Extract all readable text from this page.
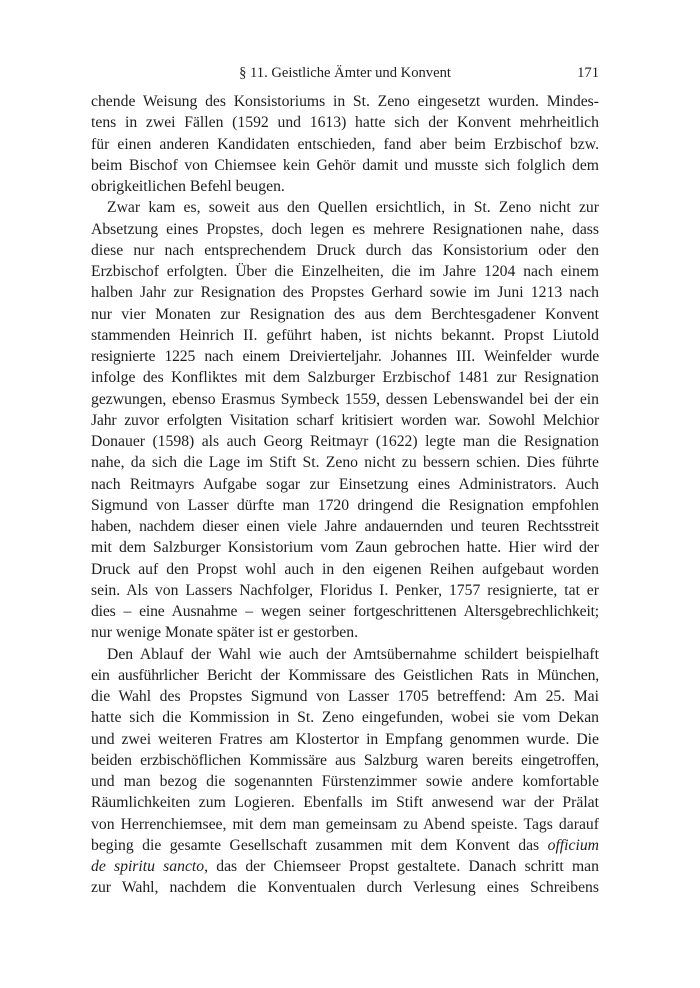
§ 11. Geistliche Ämter und Konvent	171

chende Weisung des Konsistoriums in St. Zeno eingesetzt wurden. Mindes-
tens in zwei Fällen (1592 und 1613) hatte sich der Konvent mehrheitlich
für einen anderen Kandidaten entschieden, fand aber beim Erzbischof bzw.
beim Bischof von Chiemsee kein Gehör damit und musste sich folglich dem
obrigkeitlichen Befehl beugen.

Zwar kam es, soweit aus den Quellen ersichtlich, in St. Zeno nicht zur
Absetzung eines Propstes, doch legen es mehrere Resignationen nahe, dass
diese nur nach entsprechendem Druck durch das Konsistorium oder den
Erzbischof erfolgten. Über die Einzelheiten, die im Jahre 1204 nach einem
halben Jahr zur Resignation des Propstes Gerhard sowie im Juni 1213 nach
nur vier Monaten zur Resignation des aus dem Berchtesgadener Konvent
stammenden Heinrich II. geführt haben, ist nichts bekannt. Propst Liutold
resignierte 1225 nach einem Dreivierteljahr. Johannes III. Weinfelder wurde
infolge des Konfliktes mit dem Salzburger Erzbischof 1481 zur Resignation
gezwungen, ebenso Erasmus Symbeck 1559, dessen Lebenswandel bei der ein
Jahr zuvor erfolgten Visitation scharf kritisiert worden war. Sowohl Melchior
Donauer (1598) als auch Georg Reitmayr (1622) legte man die Resignation
nahe, da sich die Lage im Stift St. Zeno nicht zu bessern schien. Dies führte
nach Reitmayrs Aufgabe sogar zur Einsetzung eines Administrators. Auch
Sigmund von Lasser dürfte man 1720 dringend die Resignation empfohlen
haben, nachdem dieser einen viele Jahre andauernden und teuren Rechtsstreit
mit dem Salzburger Konsistorium vom Zaun gebrochen hatte. Hier wird der
Druck auf den Propst wohl auch in den eigenen Reihen aufgebaut worden
sein. Als von Lassers Nachfolger, Floridus I. Penker, 1757 resignierte, tat er
dies – eine Ausnahme – wegen seiner fortgeschrittenen Altersgebrechlichkeit;
nur wenige Monate später ist er gestorben.

Den Ablauf der Wahl wie auch der Amtsübernahme schildert beispielhaft
ein ausführlicher Bericht der Kommissare des Geistlichen Rats in München,
die Wahl des Propstes Sigmund von Lasser 1705 betreffend: Am 25. Mai
hatte sich die Kommission in St. Zeno eingefunden, wobei sie vom Dekan
und zwei weiteren Fratres am Klostertor in Empfang genommen wurde. Die
beiden erzbischöflichen Kommissäre aus Salzburg waren bereits eingetroffen,
und man bezog die sogenannten Fürstenzimmer sowie andere komfortable
Räumlichkeiten zum Logieren. Ebenfalls im Stift anwesend war der Prälat
von Herrenchiemsee, mit dem man gemeinsam zu Abend speiste. Tags darauf
beging die gesamte Gesellschaft zusammen mit dem Konvent das officium
de spiritu sancto, das der Chiemseer Propst gestaltete. Danach schritt man
zur Wahl, nachdem die Konventualen durch Verlesung eines Schreibens
